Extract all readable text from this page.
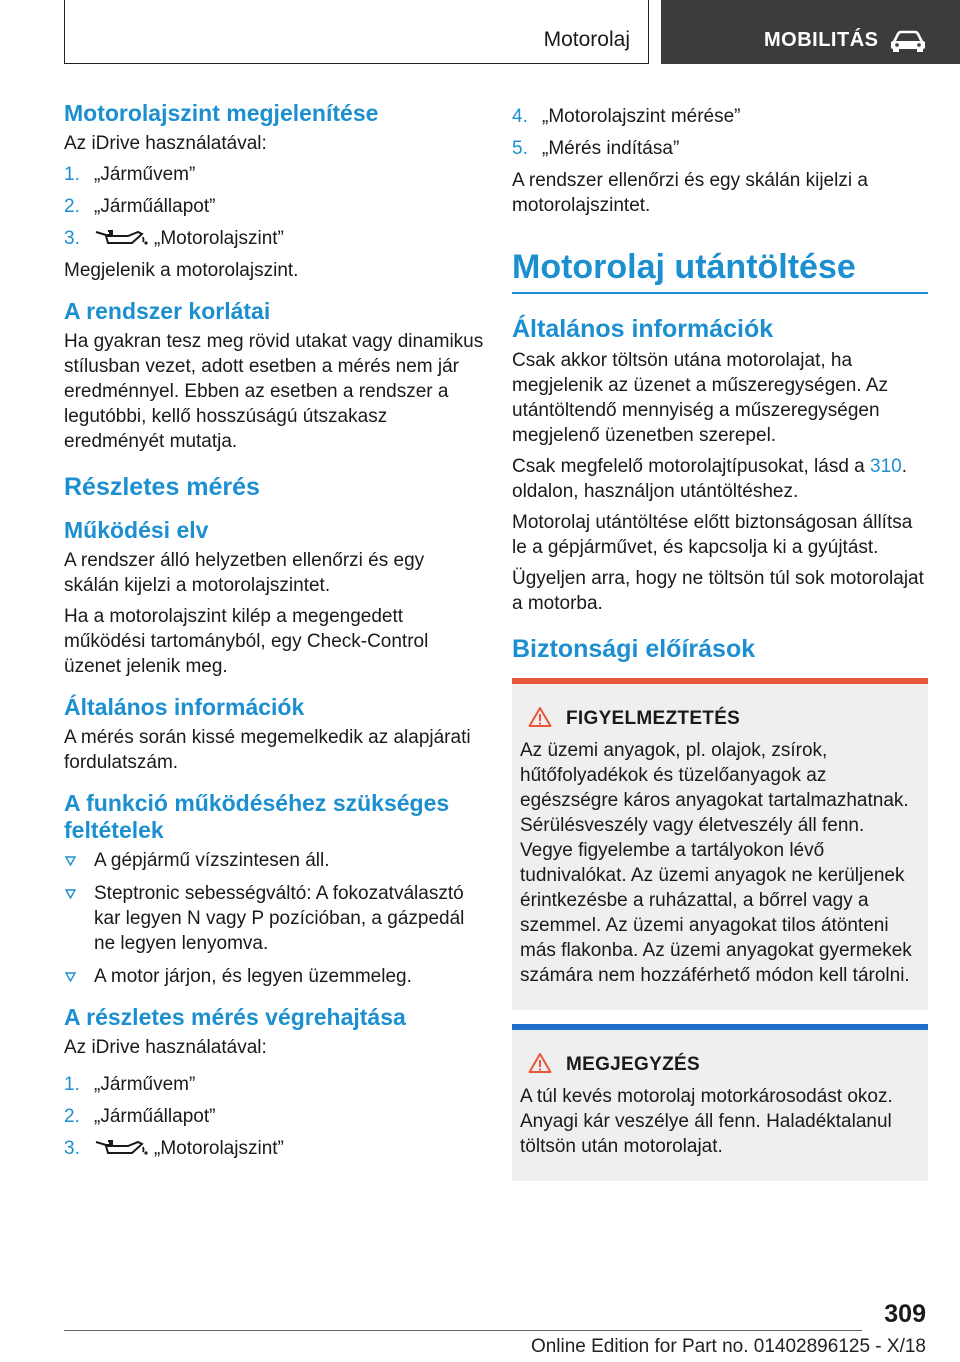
Motorolaj	MOBILITÁS
Motorolajszint megjelenítése

Az iDrive használatával:

1. „Járművem”
2. „Járműállapot”
3.	„Motorolajszint”

Megjelenik a motorolajszint.

A rendszer korlátai

Ha gyakran tesz meg rövid utakat vagy dinamikus stílusban vezet, adott esetben a mérés nem jár eredménnyel. Ebben az esetben a rendszer a legutóbbi, kellő hosszúságú útszakasz eredményét mutatja.

Részletes mérés
Működési elv

A rendszer álló helyzetben ellenőrzi és egy skálán kijelzi a motorolajszintet.

Ha a motorolajszint kilép a megengedett működési tartományból, egy Check-Control üzenet jelenik meg.

Általános információk

A mérés során kissé megemelkedik az alapjárati fordulatszám.

A funkció működéséhez szükséges feltételek
A gépjármű vízszintesen áll.
Steptronic sebességváltó: A fokozatválasztó kar legyen N vagy P pozícióban, a gázpedál ne legyen lenyomva.
A motor járjon, és legyen üzemmeleg.
A részletes mérés végrehajtása

Az iDrive használatával:

1. „Járművem”
2. „Járműállapot”
3.	„Motorolajszint”
4. „Motorolajszint mérése”
5. „Mérés indítása”

A rendszer ellenőrzi és egy skálán kijelzi a motorolajszintet.

Motorolaj utántöltése
Általános információk

Csak akkor töltsön utána motorolajat, ha megjelenik az üzenet a műszeregységen. Az utántöltendő mennyiség a műszeregységen megjelenő üzenetben szerepel.

Csak megfelelő motorolajtípusokat, lásd a 310. oldalon, használjon utántöltéshez.

Motorolaj utántöltése előtt biztonságosan állítsa le a gépjárművet, és kapcsolja ki a gyújtást.

Ügyeljen arra, hogy ne töltsön túl sok motorolajat a motorba.

Biztonsági előírások
FIGYELMEZTETÉS

Az üzemi anyagok, pl. olajok, zsírok, hűtőfolyadékok és tüzelőanyagok az egészségre káros anyagokat tartalmazhatnak. Sérülésveszély vagy életveszély áll fenn. Vegye figyelembe a tartályokon lévő tudnivalókat. Az üzemi anyagok ne kerüljenek érintkezésbe a ruházattal, a bőrrel vagy a szemmel. Az üzemi anyagokat tilos átönteni más flakonba. Az üzemi anyagokat gyermekek számára nem hozzáférhető módon kell tárolni.

MEGJEGYZÉS

A túl kevés motorolaj motorkárosodást okoz. Anyagi kár veszélye áll fenn. Haladéktalanul töltsön után motorolajat.

309
Online Edition for Part no. 01402896125 - X/18
